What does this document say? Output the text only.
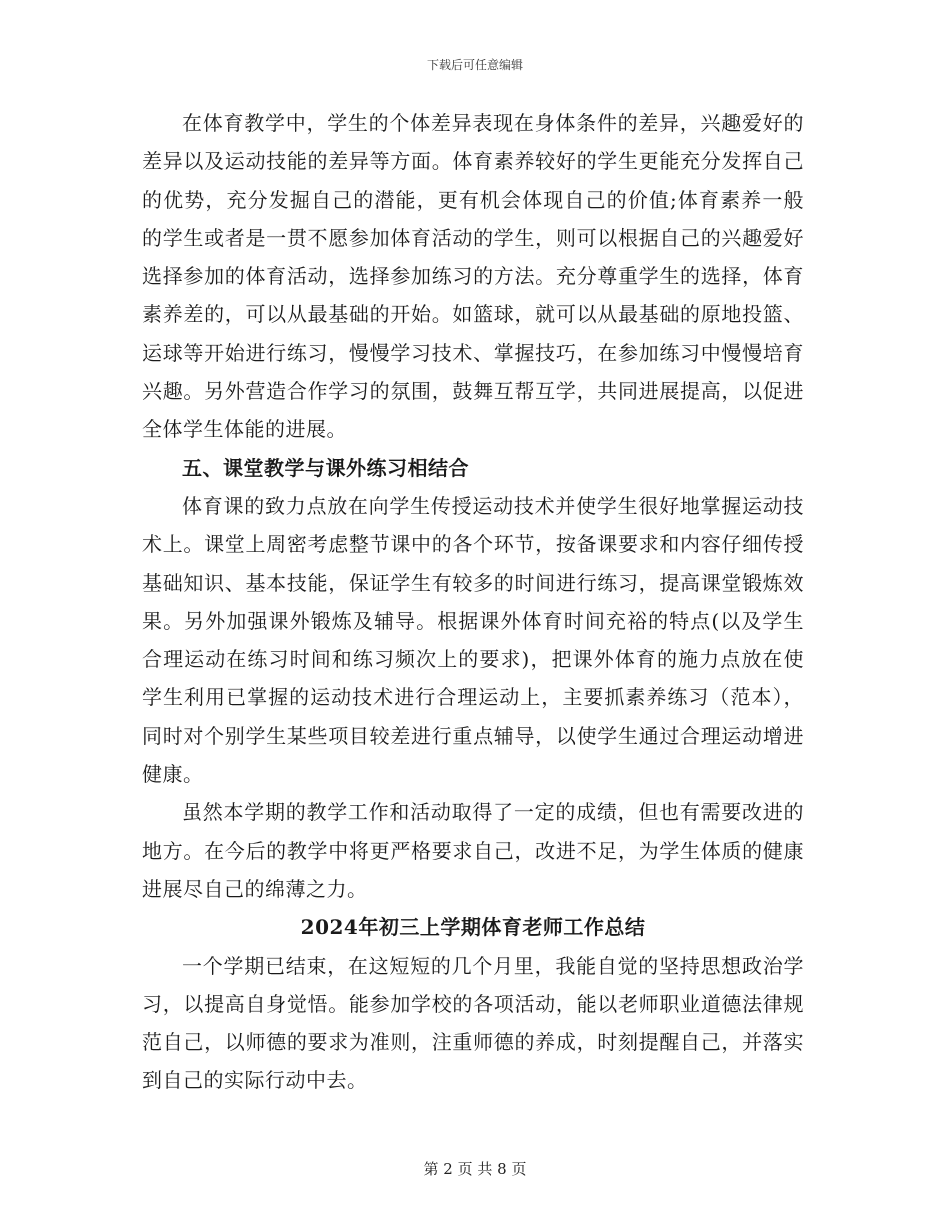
下载后可任意编辑

在体育教学中，学生的个体差异表现在身体条件的差异，兴趣爱好的差异以及运动技能的差异等方面。体育素养较好的学生更能充分发挥自己的优势，充分发掘自己的潜能，更有机会体现自己的价值;体育素养一般的学生或者是一贯不愿参加体育活动的学生，则可以根据自己的兴趣爱好选择参加的体育活动，选择参加练习的方法。充分尊重学生的选择，体育素养差的，可以从最基础的开始。如篮球，就可以从最基础的原地投篮、运球等开始进行练习，慢慢学习技术、掌握技巧，在参加练习中慢慢培育兴趣。另外营造合作学习的氛围，鼓舞互帮互学，共同进展提高，以促进全体学生体能的进展。

五、课堂教学与课外练习相结合

体育课的致力点放在向学生传授运动技术并使学生很好地掌握运动技术上。课堂上周密考虑整节课中的各个环节，按备课要求和内容仔细传授基础知识、基本技能，保证学生有较多的时间进行练习，提高课堂锻炼效果。另外加强课外锻炼及辅导。根据课外体育时间充裕的特点(以及学生合理运动在练习时间和练习频次上的要求)，把课外体育的施力点放在使学生利用已掌握的运动技术进行合理运动上，主要抓素养练习（范本），同时对个别学生某些项目较差进行重点辅导，以使学生通过合理运动增进健康。

虽然本学期的教学工作和活动取得了一定的成绩，但也有需要改进的地方。在今后的教学中将更严格要求自己，改进不足，为学生体质的健康进展尽自己的绵薄之力。

2024年初三上学期体育老师工作总结

一个学期已结束，在这短短的几个月里，我能自觉的坚持思想政治学习，以提高自身觉悟。能参加学校的各项活动，能以老师职业道德法律规范自己，以师德的要求为准则，注重师德的养成，时刻提醒自己，并落实到自己的实际行动中去。

第 2 页 共 8 页
